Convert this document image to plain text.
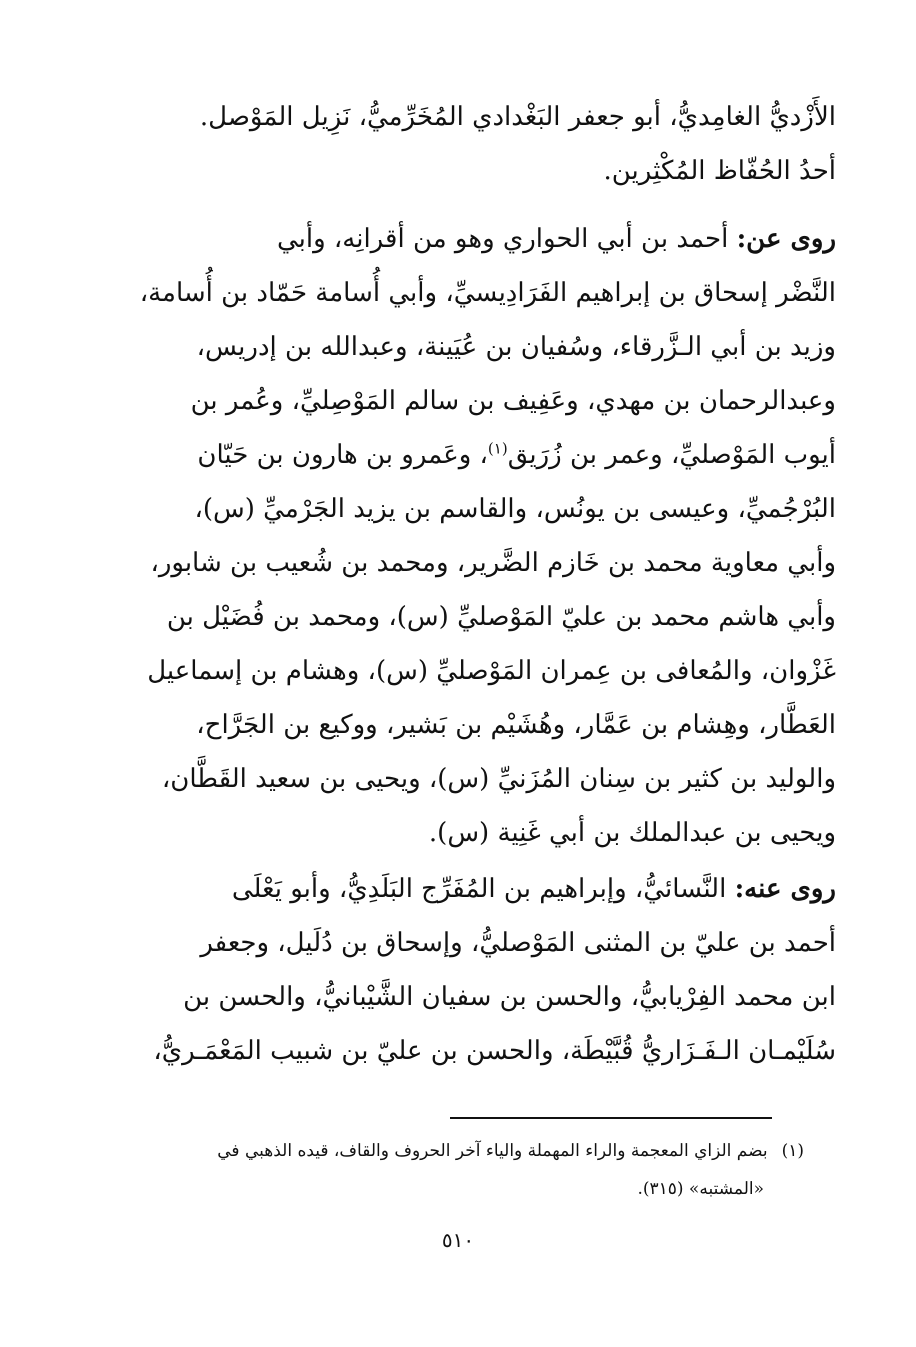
الأَزْديُّ الغامِديُّ، أبو جعفر البَغْدادي المُخَرِّميُّ، نَزِيل المَوْصل.
أحدُ الحُفّاظ المُكْثِرين.
روى عن: أحمد بن أبي الحواري وهو من أقرانِه، وأبي
النَّضْر إسحاق بن إبراهيم الفَرَادِيسيِّ، وأبي أُسامة حَمّاد بن أُسامة،
وزيد بن أبي الـزَّرقاء، وسُفيان بن عُيَينة، وعبدالله بن إدريس،
وعبدالرحمان بن مهدي، وعَفِيف بن سالم المَوْصِليِّ، وعُمر بن
أيوب المَوْصليِّ، وعمر بن زُرَيق$^{(١)}$، وعَمرو بن هارون بن حَيّان
البُرْجُميِّ، وعيسى بن يونُس، والقاسم بن يزيد الجَرْميِّ (س)،
وأبي معاوية محمد بن خَازم الضَّرير، ومحمد بن شُعيب بن شابور،
وأبي هاشم محمد بن عليّ المَوْصليِّ (س)، ومحمد بن فُضَيْل بن
غَزْوان، والمُعافى بن عِمران المَوْصليِّ (س)، وهشام بن إسماعيل
العَطَّار، وهِشام بن عَمَّار، وهُشَيْم بن بَشير، ووكيع بن الجَرَّاح،
والوليد بن كثير بن سِنان المُزَنيِّ (س)، ويحيى بن سعيد القَطَّان،
ويحيى بن عبدالملك بن أبي غَنِية (س).
روى عنه: النَّسائيُّ، وإبراهيم بن المُفَرِّج البَلَدِيُّ، وأبو يَعْلَى
أحمد بن عليّ بن المثنى المَوْصليُّ، وإسحاق بن دُلَيل، وجعفر
ابن محمد الفِرْيابيُّ، والحسن بن سفيان الشَّيْبانيُّ، والحسن بن
سُلَيْمـان الـفَـزَاريُّ قُبَّيْطَة، والحسن بن عليّ بن شبيب المَعْمَـريُّ،
(١)بضم الزاي المعجمة والراء المهملة والياء آخر الحروف والقاف، قيده الذهبي في
«المشتبه» (٣١٥).
٥١٠
